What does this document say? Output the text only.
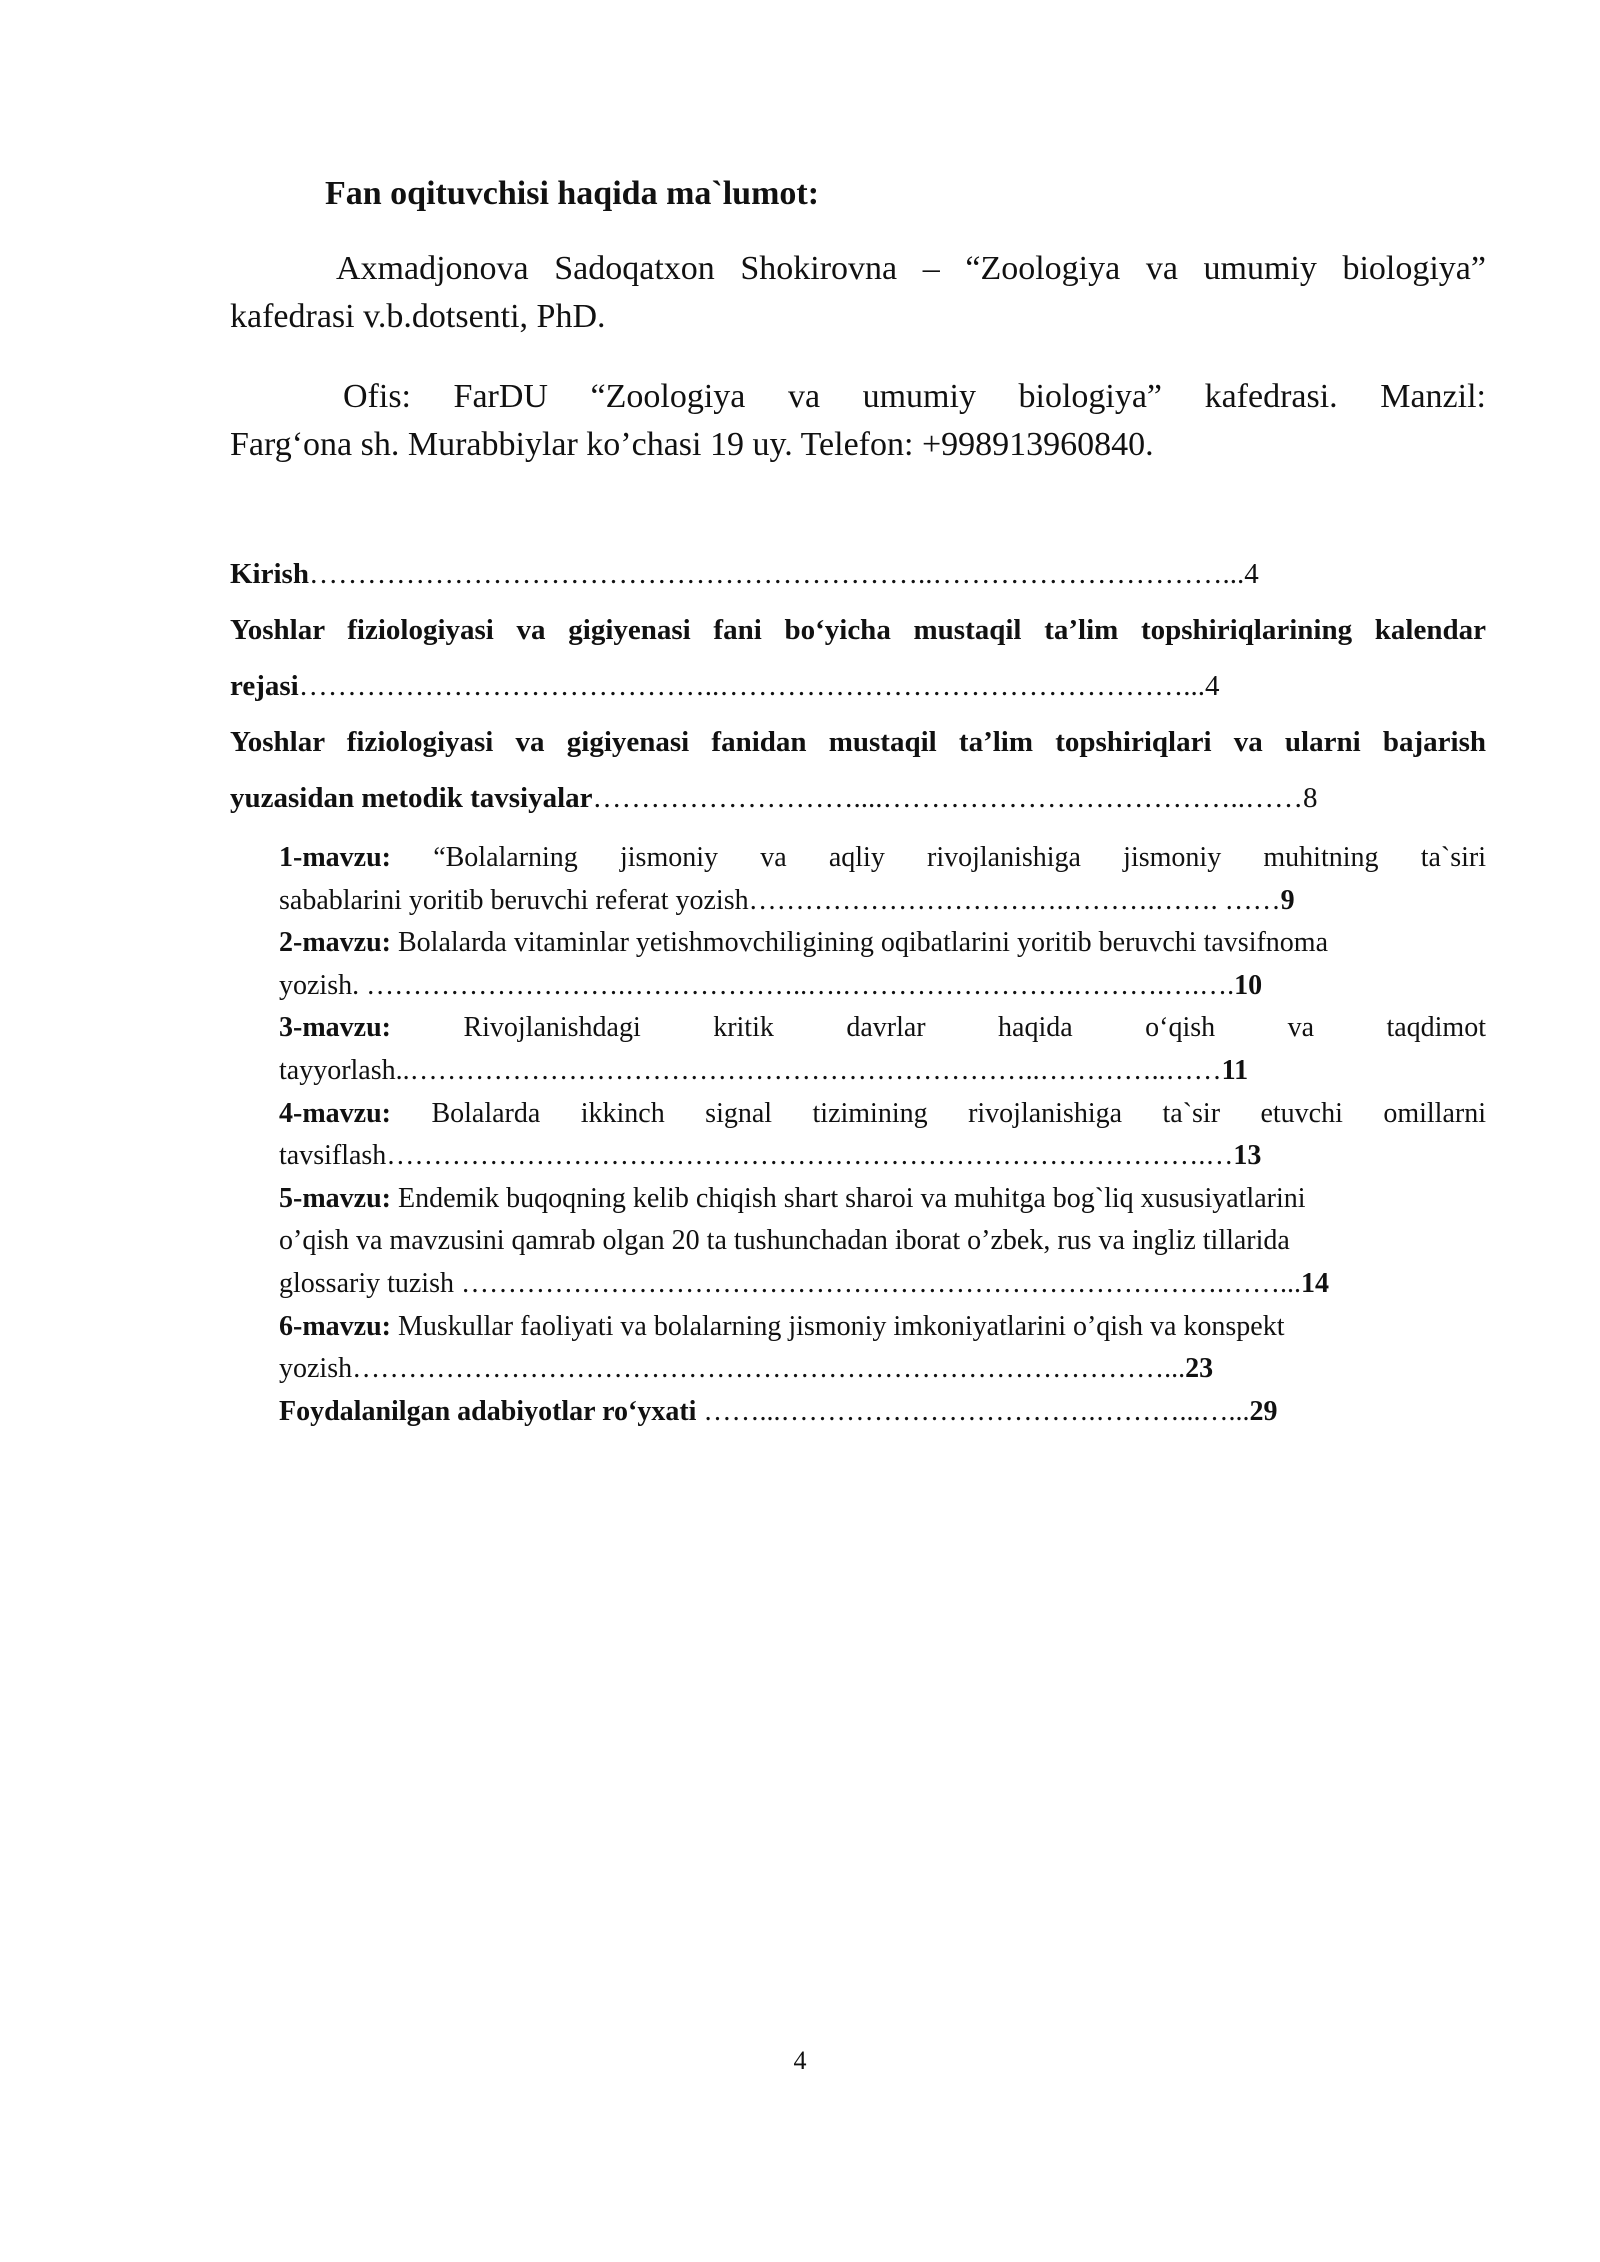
Fan oqituvchisi haqida ma`lumot:
Axmadjonova Sadoqatxon Shokirovna – “Zoologiya va umumiy biologiya”
kafedrasi v.b.dotsenti, PhD.
Ofis: FarDU “Zoologiya va umumiy biologiya” kafedrasi. Manzil:
Farg‘ona sh. Murabbiylar ko’chasi 19 uy. Telefon: +998913960840.
Kirish………………………………………………………..…………………………...4
Yoshlar fiziologiyasi va gigiyenasi fani bo‘yicha mustaqil ta’lim topshiriqlarining kalendar
rejasi……………………………………..…………………………………………...4
Yoshlar fiziologiyasi va gigiyenasi fanidan mustaqil ta’lim topshiriqlari va ularni bajarish
yuzasidan metodik tavsiyalar………………………....………………………………..……8
1-mavzu: “Bolalarning jismoniy va aqliy rivojlanishiga jismoniy muhitning ta`siri
sabablarini yoritib beruvchi referat yozish…………………………….……….……. ……9
2-mavzu: Bolalarda vitaminlar yetishmovchiligining oqibatlarini yoritib beruvchi tavsifnoma
yozish. ……………………….………………..….…………………….……….….….10
3-mavzu:	Rivojlanishdagi kritik davrlar haqida o‘qish va taqdimot
tayyorlash..…………………………………………………………..…………..……11
4-mavzu: Bolalarda ikkinch signal tizimining rivojlanishiga ta`sir etuvchi omillarni
tavsiflash…………………………………………………………………………….…13
5-mavzu: Endemik buqoqning kelib chiqish shart sharoi va muhitga bog`liq xususiyatlarini
o’qish va mavzusini qamrab olgan 20 ta tushunchadan iborat o’zbek, rus va ingliz tillarida
glossariy tuzish ……………………………………………………………………….……...14
6-mavzu: Muskullar faoliyati va bolalarning jismoniy imkoniyatlarini o’qish va konspekt
yozish……………………………………………………………………………...23
Foydalanilgan adabiyotlar ro‘yxati ……...…………………………….………...…...29
4
